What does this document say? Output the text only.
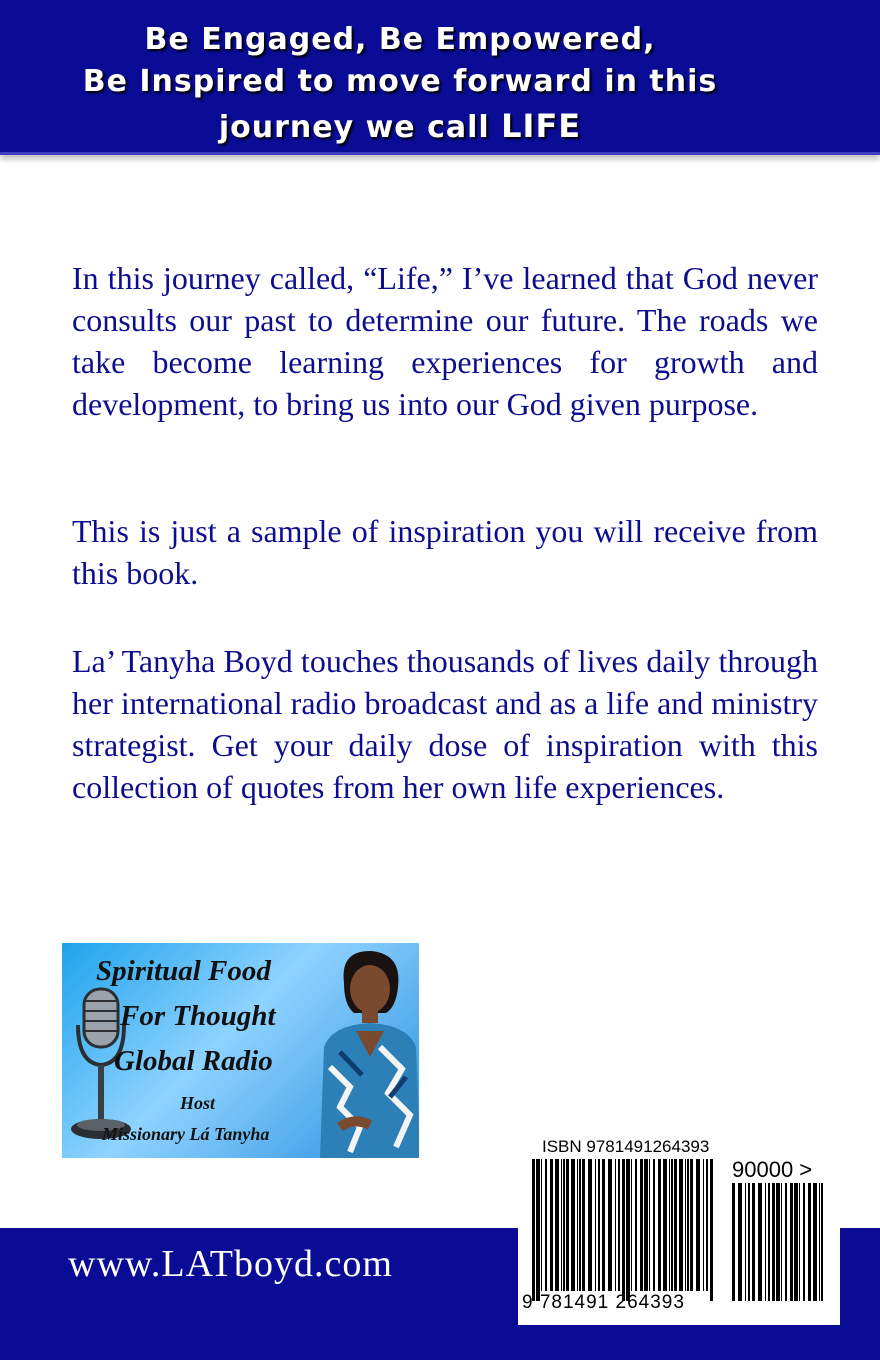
Be Engaged, Be Empowered,
Be Inspired to move forward in this
journey we call LIFE

In this journey called, “Life,” I’ve learned that God never consults our past to determine our future. The roads we take become learning experiences for growth and development, to bring us into our God given purpose.

This is just a sample of inspiration you will receive from this book.

La’ Tanyha Boyd touches thousands of lives daily through her international radio broadcast and as a life and ministry strategist. Get your daily dose of inspiration with this collection of quotes from her own life experiences.

Spiritual Food
For Thought
Global Radio
Host
Missionary Lá Tanyha
www.LATboyd.com
ISBN 9781491264393
90000 >
9 781491 264393
